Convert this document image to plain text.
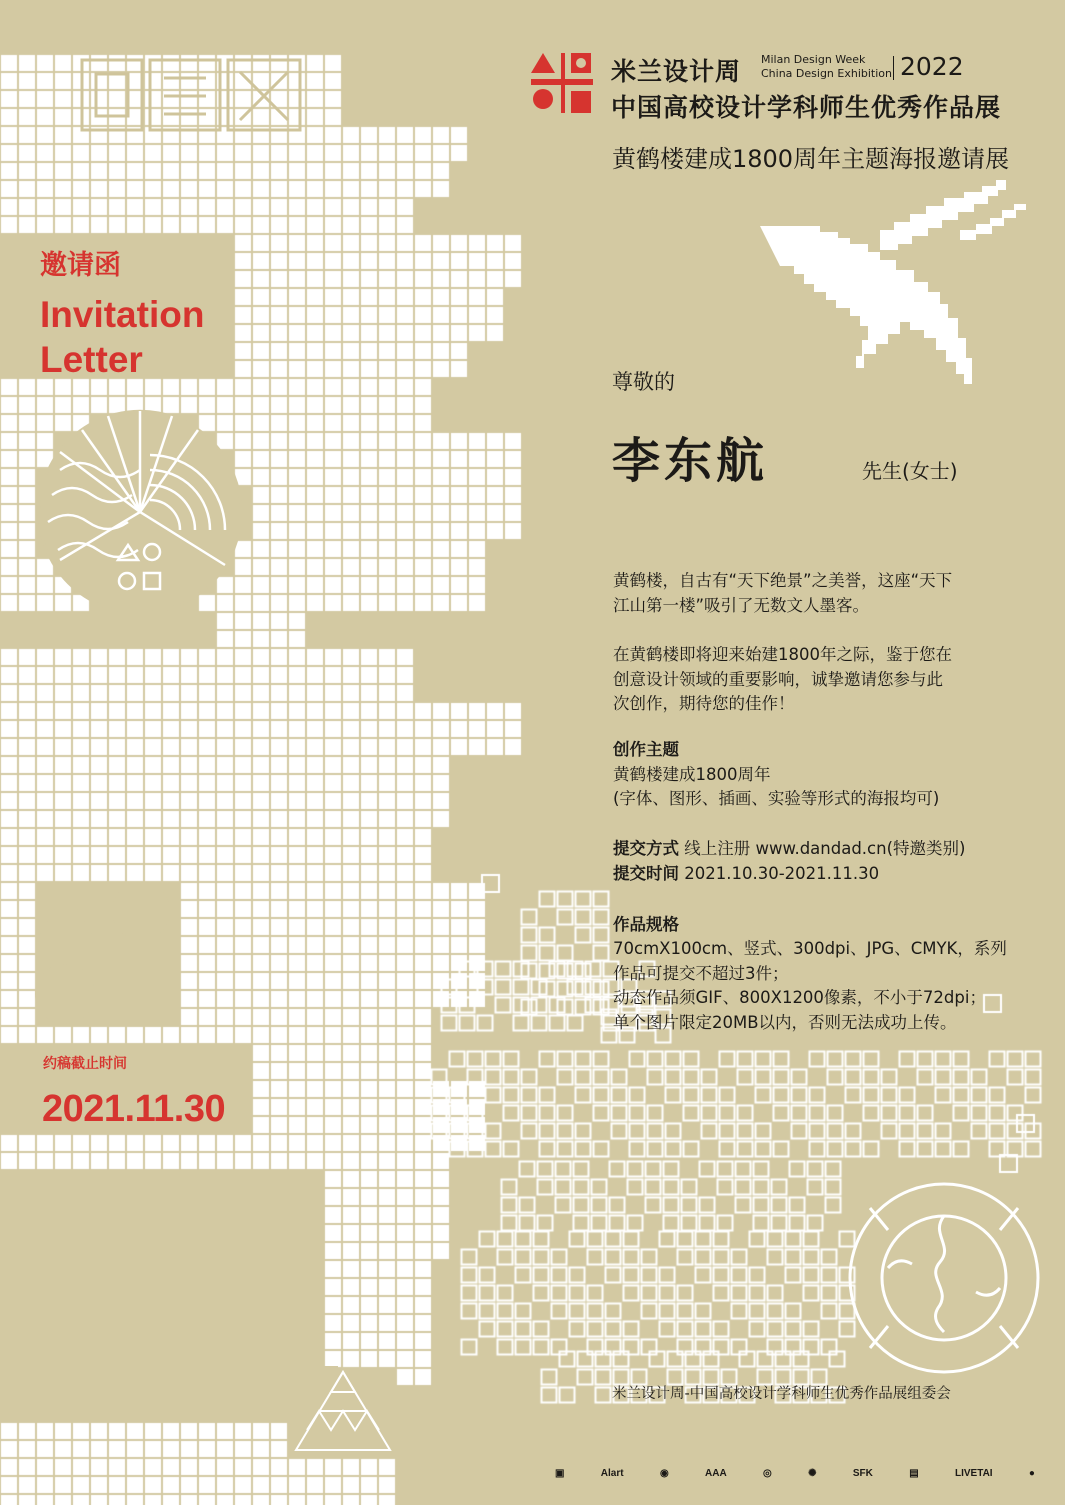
米兰设计周 Milan Design Week
China Design Exhibition 2022
中国高校设计学科师生优秀作品展
黄鹤楼建成1800周年主题海报邀请展
邀请函
Invitation
Letter
约稿截止时间
2021.11.30
尊敬的
李东航	先生(女士)
黄鹤楼，自古有“天下绝景”之美誉，这座“天下
江山第一楼”吸引了无数文人墨客。
在黄鹤楼即将迎来始建1800年之际，鉴于您在
创意设计领域的重要影响，诚挚邀请您参与此
次创作，期待您的佳作！
创作主题
黄鹤楼建成1800周年
(字体、图形、插画、实验等形式的海报均可)
提交方式 线上注册 www.dandad.cn(特邀类别)
提交时间 2021.10.30-2021.11.30
作品规格
70cmX100cm、竖式、300dpi、JPG、CMYK，系列
作品可提交不超过3件；
动态作品须GIF、800X1200像素，不小于72dpi；
单个图片限定20MB以内，否则无法成功上传。
米兰设计周-中国高校设计学科师生优秀作品展组委会
▣	Alart	◉	AAA	◎	✺	SFK	▤	LIVETAI	●
